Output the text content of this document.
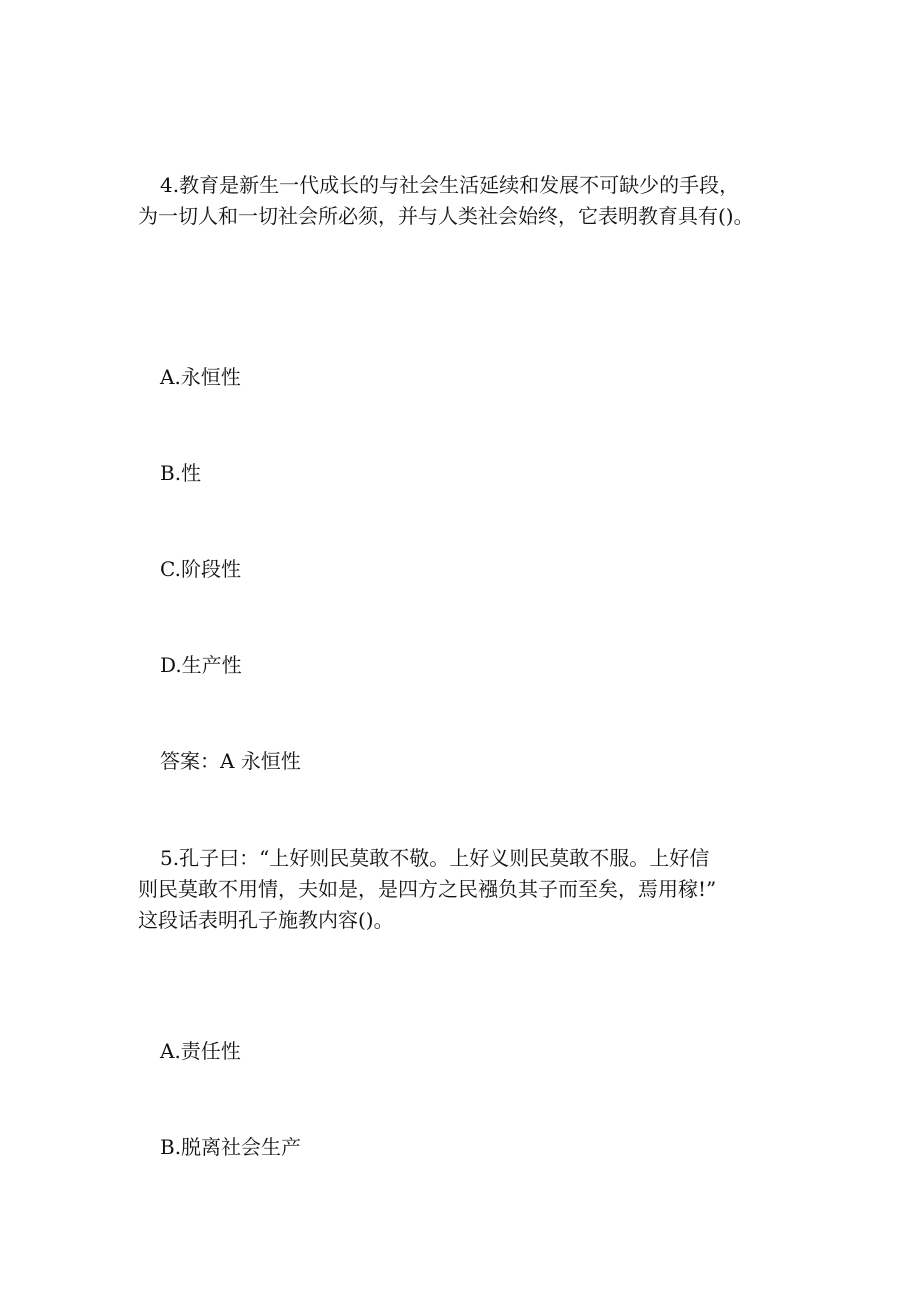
4.教育是新生一代成长的与社会生活延续和发展不可缺少的手段，
为一切人和一切社会所必须，并与人类社会始终，它表明教育具有()。
A.永恒性
B.性
C.阶段性
D.生产性
答案：A 永恒性
5.孔子曰：“上好则民莫敢不敬。上好义则民莫敢不服。上好信
则民莫敢不用情，夫如是，是四方之民襁负其子而至矣，焉用稼!”
这段话表明孔子施教内容()。
A.责任性
B.脱离社会生产
